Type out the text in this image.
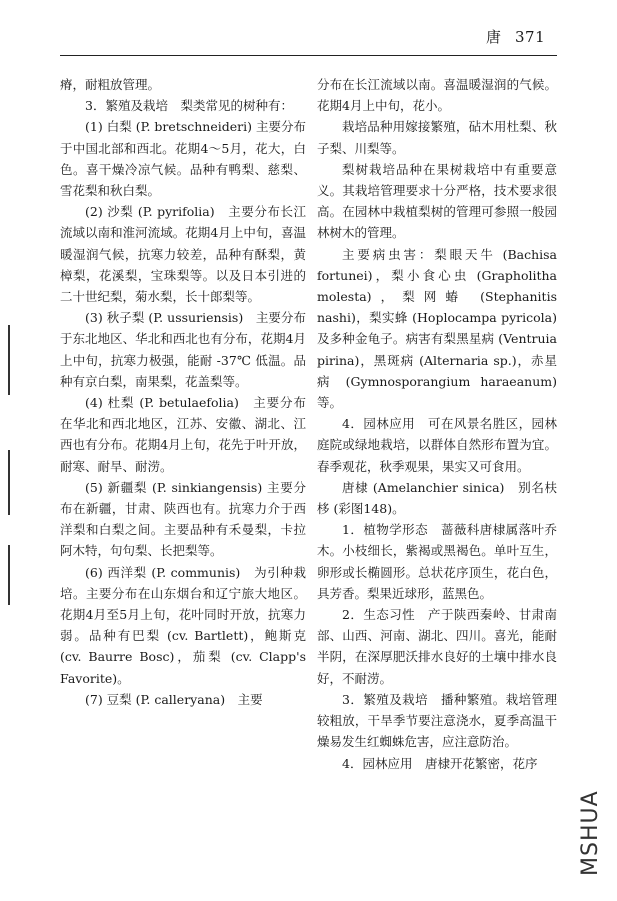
唐 371

瘠，耐粗放管理。

3．繁殖及栽培　梨类常见的树种有：

(1) 白梨 (P. bretschneideri) 主要分布于中国北部和西北。花期4～5月，花大，白色。喜干燥冷凉气候。品种有鸭梨、慈梨、雪花梨和秋白梨。

(2) 沙梨 (P. pyrifolia)　主要分布长江流域以南和淮河流域。花期4月上中旬，喜温暖湿润气候，抗寒力较差，品种有酥梨，黄樟梨，花溪梨，宝珠梨等。以及日本引进的二十世纪梨，菊水梨，长十郎梨等。

(3) 秋子梨 (P. ussuriensis)　主要分布于东北地区、华北和西北也有分布，花期4月上中旬，抗寒力极强，能耐 -37℃ 低温。品种有京白梨，南果梨，花盖梨等。

(4) 杜梨 (P. betulaefolia)　主要分布在华北和西北地区，江苏、安徽、湖北、江西也有分布。花期4月上旬，花先于叶开放，耐寒、耐旱、耐涝。

(5) 新疆梨 (P. sinkiangensis) 主要分布在新疆，甘肃、陕西也有。抗寒力介于西洋梨和白梨之间。主要品种有禾曼梨，卡拉阿木特，句句梨、长把梨等。

(6) 西洋梨 (P. communis)　为引种栽培。主要分布在山东烟台和辽宁旅大地区。花期4月至5月上旬，花叶同时开放，抗寒力弱。品种有巴梨 (cv. Bartlett)，鲍斯克 (cv. Baurre Bosc)，茄梨 (cv. Clapp's Favorite)。

(7) 豆梨 (P. calleryana)　主要

分布在长江流域以南。喜温暖湿润的气候。花期4月上中旬，花小。

栽培品种用嫁接繁殖，砧木用杜梨、秋子梨、川梨等。

梨树栽培品种在果树栽培中有重要意义。其栽培管理要求十分严格，技术要求很高。在园林中栽植梨树的管理可参照一般园林树木的管理。

主要病虫害：梨眼天牛 (Bachisa fortunei)，梨小食心虫 (Grapholitha molesta)，梨网蝽 (Stephanitis nashi)，梨实蜂 (Hoplocampa pyricola) 及多种金龟子。病害有梨黑星病 (Ventruia pirina)，黑斑病 (Alternaria sp.)，赤星病 (Gymnosporangium haraeanum) 等。

4．园林应用　可在风景名胜区，园林庭院或绿地栽培，以群体自然形布置为宜。春季观花，秋季观果，果实又可食用。

唐棣 (Amelanchier sinica)　别名枎栘 (彩图148)。

1．植物学形态　蔷薇科唐棣属落叶乔木。小枝细长，紫褐或黑褐色。单叶互生，卵形或长椭圆形。总状花序顶生，花白色，具芳香。梨果近球形，蓝黑色。

2．生态习性　产于陕西秦岭、甘肃南部、山西、河南、湖北、四川。喜光，能耐半阴，在深厚肥沃排水良好的土壤中排水良好，不耐涝。

3．繁殖及栽培　播种繁殖。栽培管理较粗放，干旱季节要注意浇水，夏季高温干燥易发生红蜘蛛危害，应注意防治。

4．园林应用　唐棣开花繁密，花序

MSHUA
